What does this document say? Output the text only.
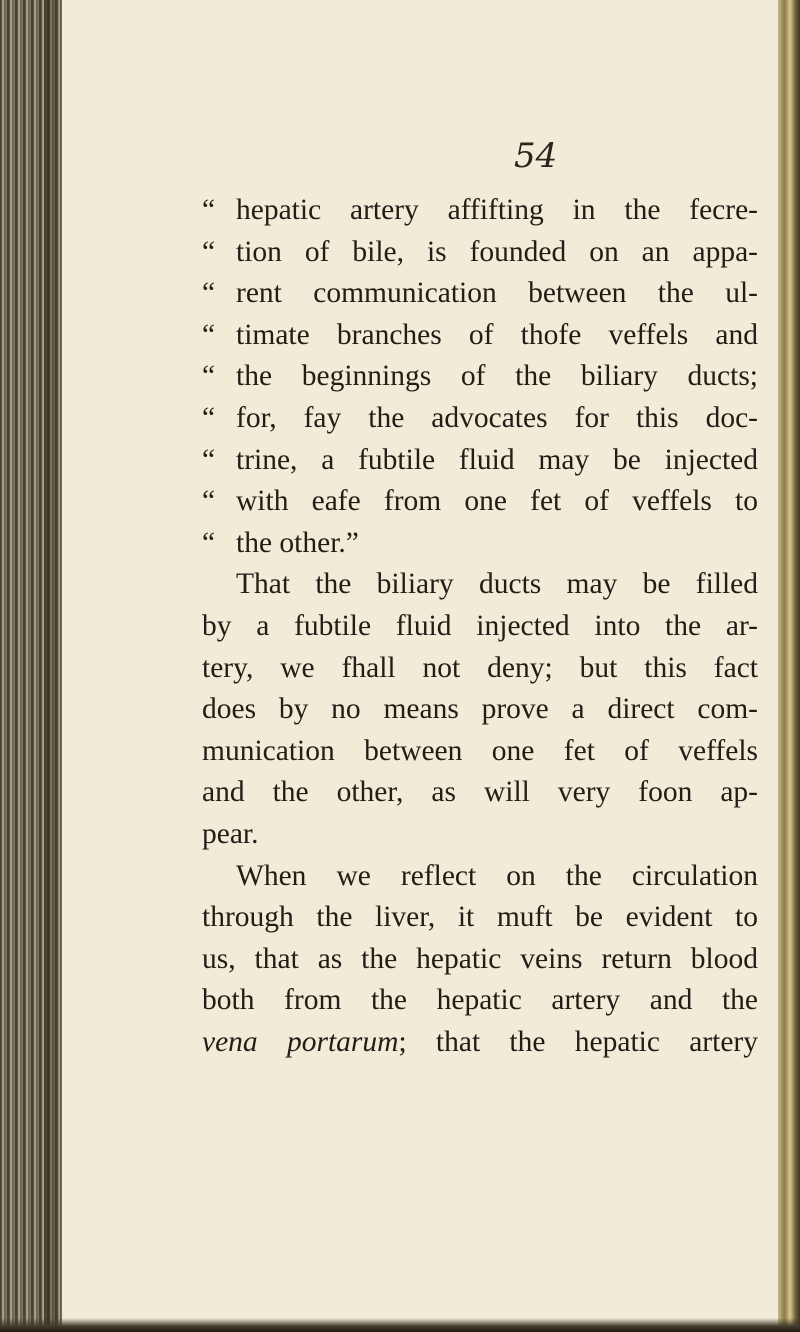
54

“ hepatic artery affifting in the fecre-
“ tion of bile, is founded on an appa-
“ rent communication between the ul-
“ timate branches of thofe veffels and
“ the beginnings of the biliary ducts;
“ for, fay the advocates for this doc-
“ trine, a fubtile fluid may be injected
“ with eafe from one fet of veffels to
“ the other.”
That the biliary ducts may be filled
by a fubtile fluid injected into the ar-
tery, we fhall not deny; but this fact
does by no means prove a direct com-
munication between one fet of veffels
and the other, as will very foon ap-
pear.
When we reflect on the circulation
through the liver, it muft be evident to
us, that as the hepatic veins return blood
both from the hepatic artery and the
vena portarum; that the hepatic artery
